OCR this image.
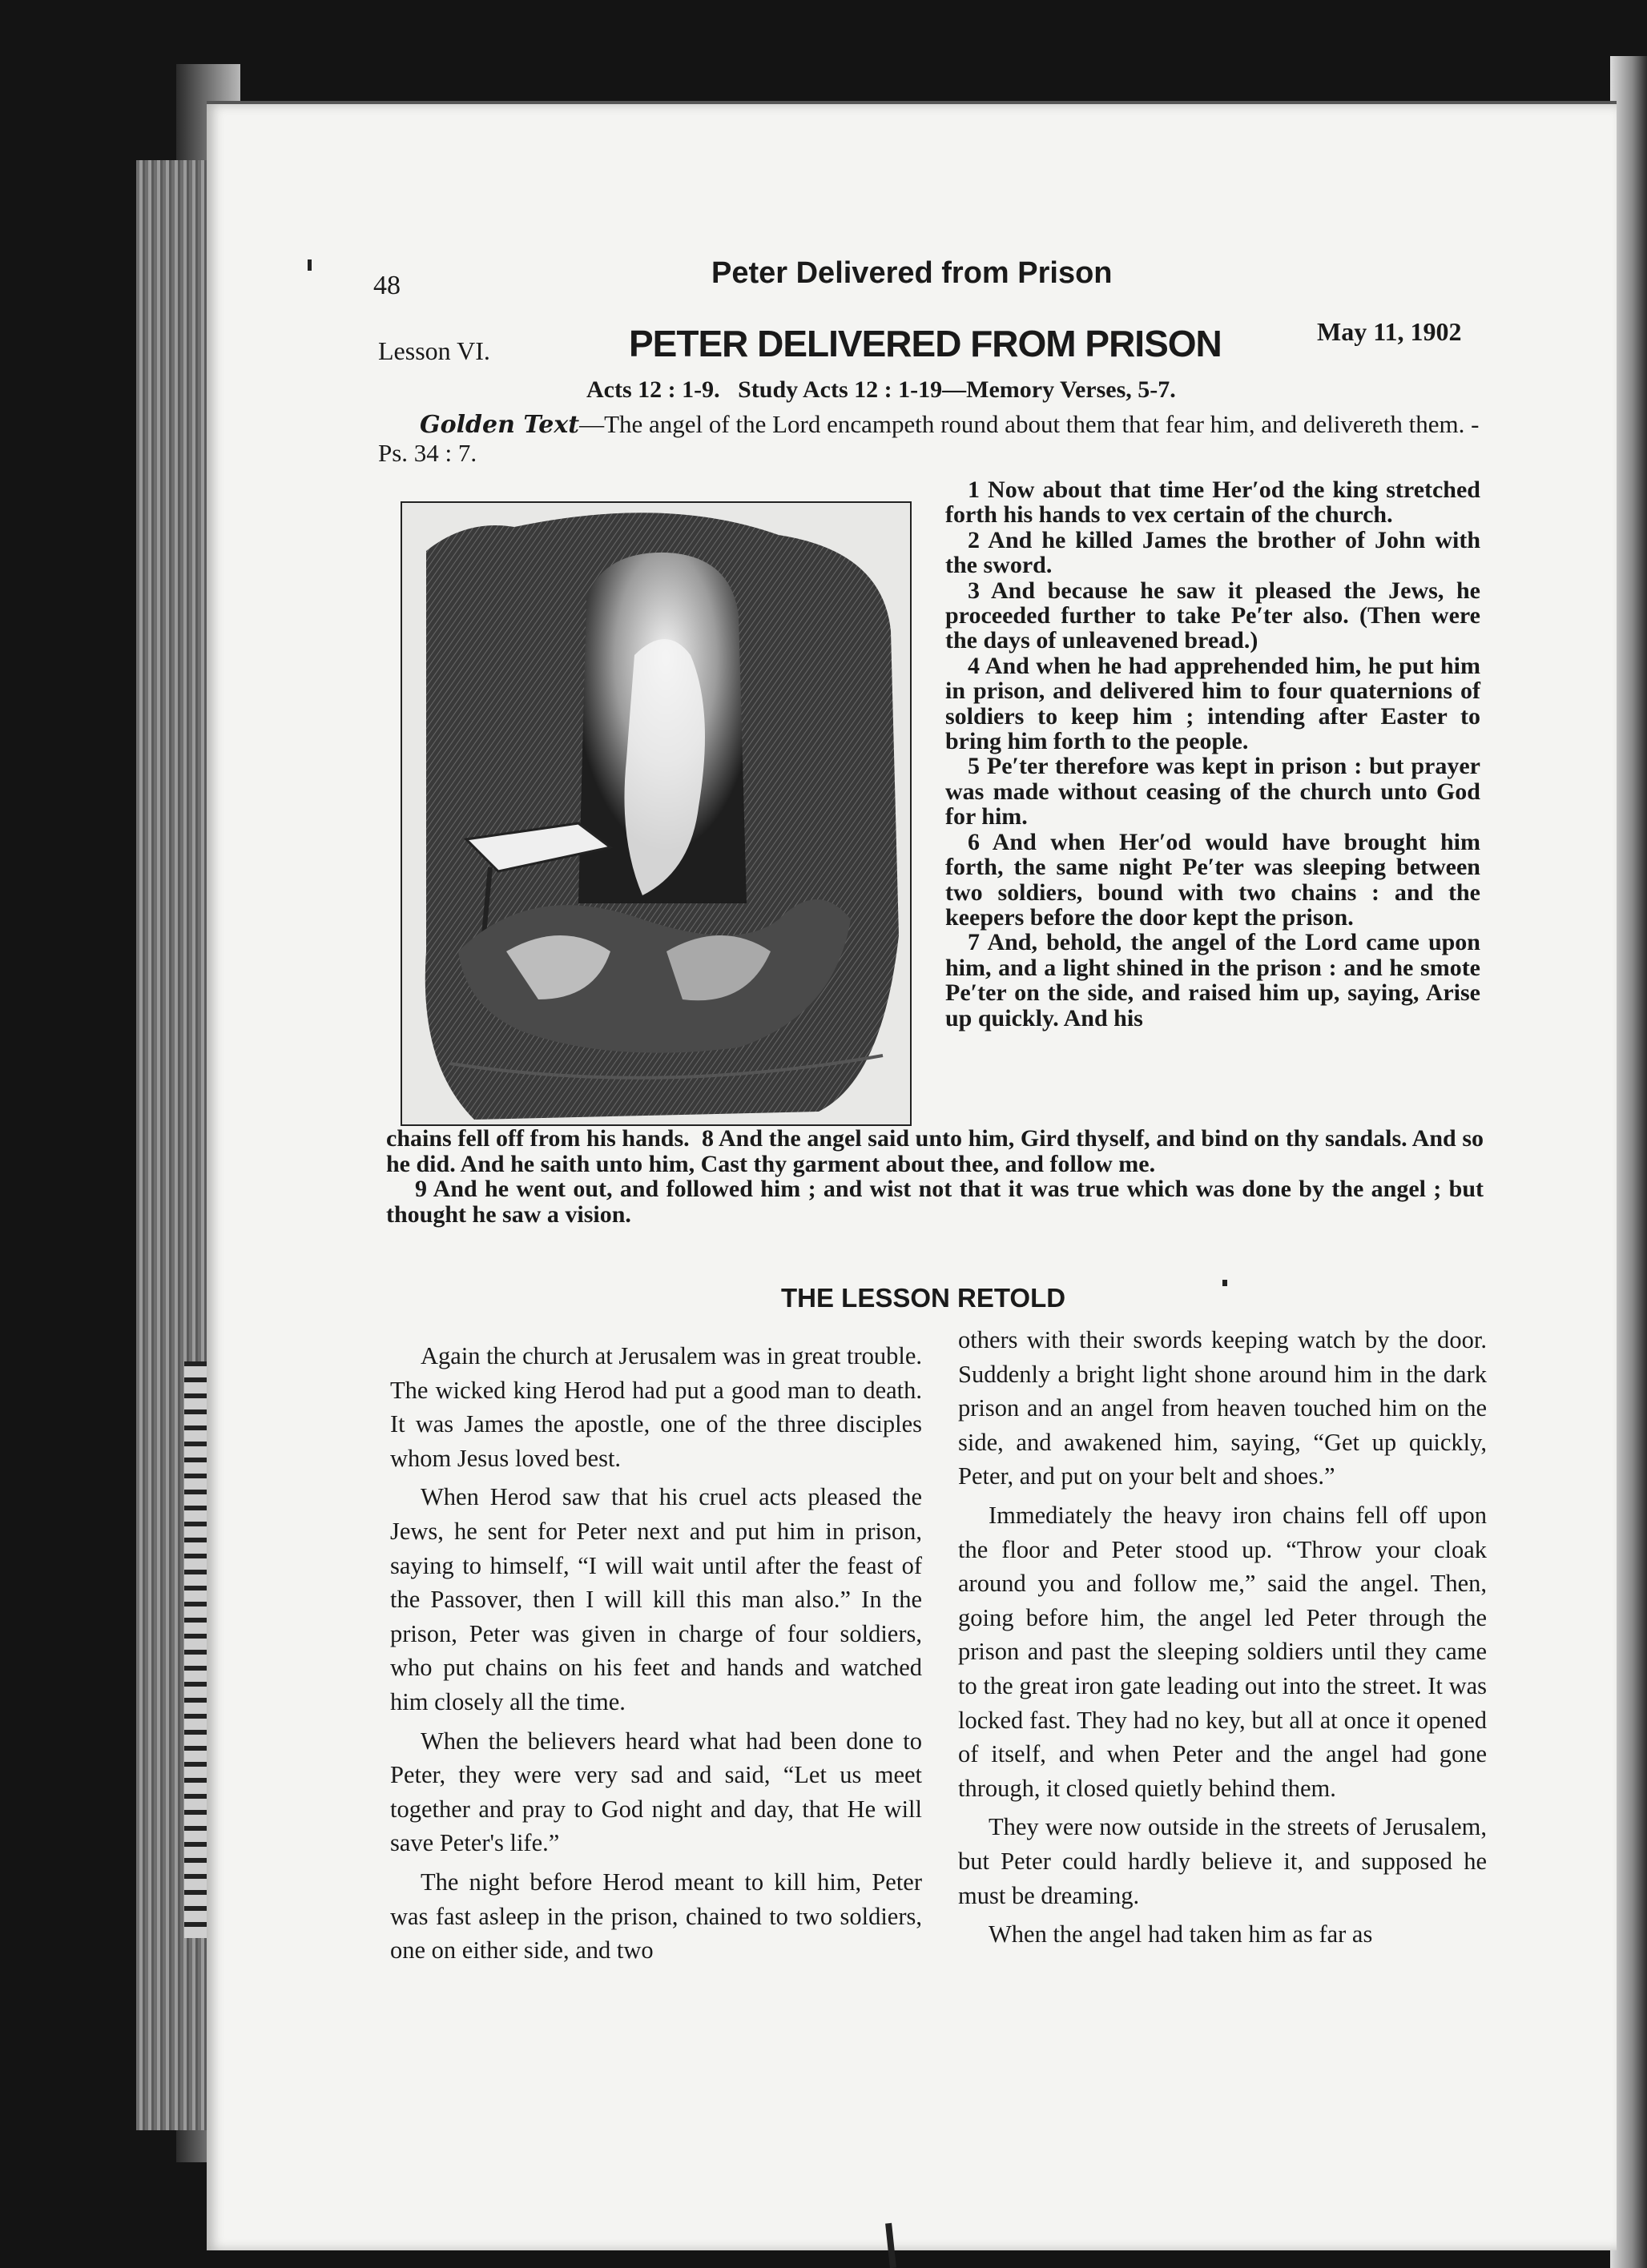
48	Peter Delivered from Prison
Lesson VI.	PETER DELIVERED FROM PRISON	May 11, 1902
Acts 12 : 1-9.   Study Acts 12 : 1-19—Memory Verses, 5-7.

Golden Text—The angel of the Lord encampeth round about them that fear him, and delivereth them. - Ps. 34 : 7.

1 Now about that time Her′od the king stretched forth his hands to vex certain of the church.

2 And he killed James the brother of John with the sword.

3 And because he saw it pleased the Jews, he proceeded further to take Pe′ter also. (Then were the days of unleavened bread.)

4 And when he had apprehended him, he put him in prison, and delivered him to four quaternions of soldiers to keep him ; intending after Easter to bring him forth to the people.

5 Pe′ter therefore was kept in prison : but prayer was made without ceasing of the church unto God for him.

6 And when Her′od would have brought him forth, the same night Pe′ter was sleeping between two soldiers, bound with two chains : and the keepers before the door kept the prison.

7 And, behold, the angel of the Lord came upon him, and a light shined in the prison : and he smote Pe′ter on the side, and raised him up, saying, Arise up quickly. And his

chains fell off from his hands. 8 And the angel said unto him, Gird thyself, and bind on thy sandals. And so he did. And he saith unto him, Cast thy garment about thee, and follow me.

9 And he went out, and followed him ; and wist not that it was true which was done by the angel ; but thought he saw a vision.

THE LESSON RETOLD

Again the church at Jerusalem was in great trouble. The wicked king Herod had put a good man to death. It was James the apostle, one of the three disciples whom Jesus loved best.

When Herod saw that his cruel acts pleased the Jews, he sent for Peter next and put him in prison, saying to himself, “I will wait until after the feast of the Passover, then I will kill this man also.” In the prison, Peter was given in charge of four soldiers, who put chains on his feet and hands and watched him closely all the time.

When the believers heard what had been done to Peter, they were very sad and said, “Let us meet together and pray to God night and day, that He will save Peter's life.”

The night before Herod meant to kill him, Peter was fast asleep in the prison, chained to two soldiers, one on either side, and two

others with their swords keeping watch by the door. Suddenly a bright light shone around him in the dark prison and an angel from heaven touched him on the side, and awakened him, saying, “Get up quickly, Peter, and put on your belt and shoes.”

Immediately the heavy iron chains fell off upon the floor and Peter stood up. “Throw your cloak around you and follow me,” said the angel. Then, going before him, the angel led Peter through the prison and past the sleeping soldiers until they came to the great iron gate leading out into the street. It was locked fast. They had no key, but all at once it opened of itself, and when Peter and the angel had gone through, it closed quietly behind them.

They were now outside in the streets of Jerusalem, but Peter could hardly believe it, and supposed he must be dreaming.

When the angel had taken him as far as
